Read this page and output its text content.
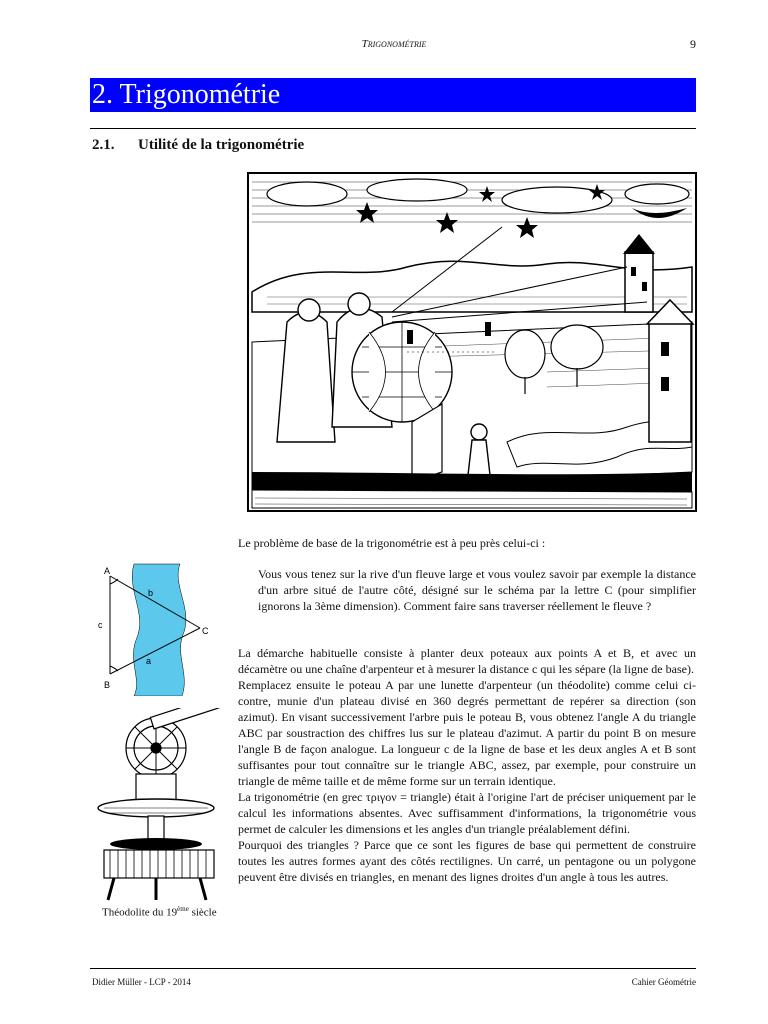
Trigonométrie	9
2. Trigonométrie
2.1. Utilité de la trigonométrie
Le problème de base de la trigonométrie est à peu près celui-ci :
Vous vous tenez sur la rive d'un fleuve large et vous voulez savoir par exemple la distance d'un arbre situé de l'autre côté, désigné sur le schéma par la lettre C (pour simplifier ignorons la 3ème dimension). Comment faire sans traverser réellement le fleuve ?
A
B
C
b
a
c

La démarche habituelle consiste à planter deux poteaux aux points A et B, et avec un décamètre ou une chaîne d'arpenteur et à mesurer la distance c qui les sépare (la ligne de base).

Remplacez ensuite le poteau A par une lunette d'arpenteur (un théodolite) comme celui ci-contre, munie d'un plateau divisé en 360 degrés permettant de repérer sa direction (son azimut). En visant successivement l'arbre puis le poteau B, vous obtenez l'angle A du triangle ABC par soustraction des chiffres lus sur le plateau d'azimut. A partir du point B on mesure l'angle B de façon analogue. La longueur c de la ligne de base et les deux angles A et B sont suffisantes pour tout connaître sur le triangle ABC, assez, par exemple, pour construire un triangle de même taille et de même forme sur un terrain identique.

La trigonométrie (en grec τριγον = triangle) était à l'origine l'art de préciser uniquement par le calcul les informations absentes. Avec suffisamment d'informations, la trigonométrie vous permet de calculer les dimensions et les angles d'un triangle préalablement défini.

Pourquoi des triangles ? Parce que ce sont les figures de base qui permettent de construire toutes les autres formes ayant des côtés rectilignes. Un carré, un pentagone ou un polygone peuvent être divisés en triangles, en menant des lignes droites d'un angle à tous les autres.

Théodolite du 19ème siècle
Didier Müller - LCP - 2014	Cahier Géométrie
